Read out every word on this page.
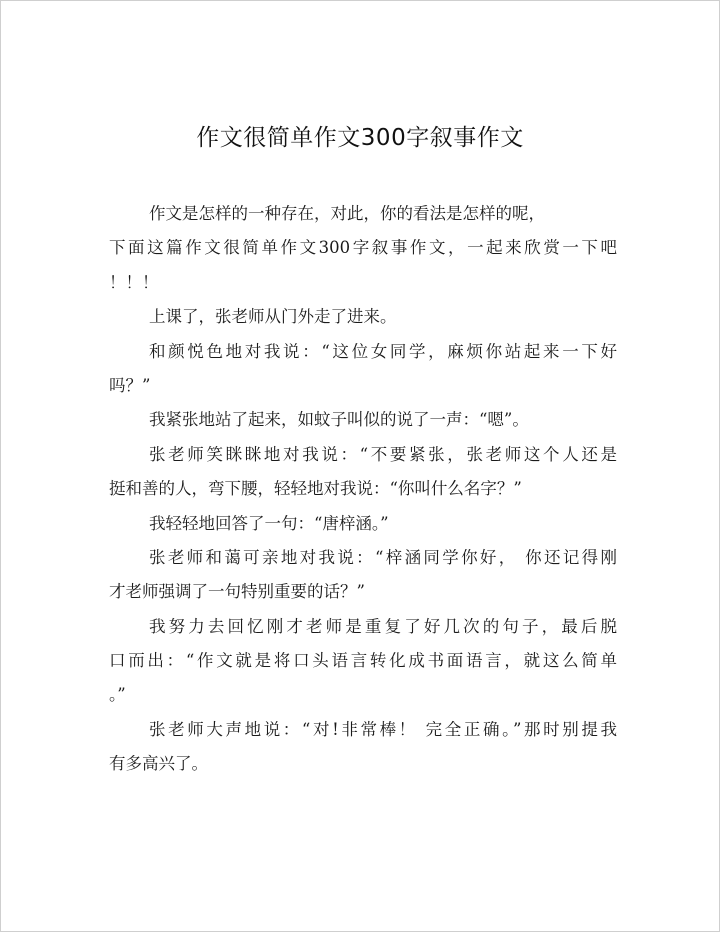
作文很简单作文300字叙事作文
作文是怎样的一种存在，对此，你的看法是怎样的呢，
下面这篇作文很简单作文300字叙事作文，一起来欣赏一下吧
！！！
上课了，张老师从门外走了进来。
和颜悦色地对我说：“这位女同学，麻烦你站起来一下好
吗？”
我紧张地站了起来，如蚊子叫似的说了一声：“嗯”。
张老师笑眯眯地对我说：“不要紧张，张老师这个人还是
挺和善的人，弯下腰，轻轻地对我说：“你叫什么名字？”
我轻轻地回答了一句：“唐梓涵。”
张老师和蔼可亲地对我说：“梓涵同学你好， 你还记得刚
才老师强调了一句特别重要的话？”
我努力去回忆刚才老师是重复了好几次的句子，最后脱
口而出：“作文就是将口头语言转化成书面语言，就这么简单
。”
张老师大声地说：“对!非常棒！ 完全正确。”那时别提我
有多高兴了。
